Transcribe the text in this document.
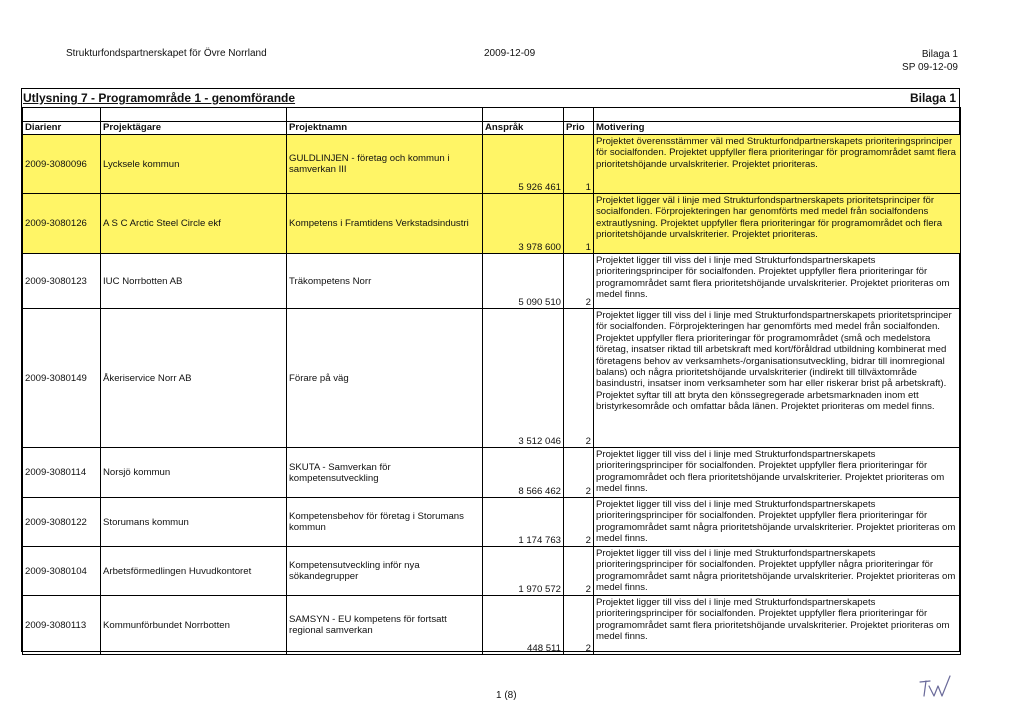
Strukturfondspartnerskapet för Övre Norrland	2009-12-09	Bilaga 1
SP 09-12-09
Utlysning 7 - Programområde 1 - genomförande	Bilaga 1

Diarienr	Projektägare	Projektnamn	Anspråk	Prio	Motivering
2009-3080096	Lycksele kommun	GULDLINJEN - företag och kommun i samverkan III	5 926 461	1	Projektet överensstämmer väl med Strukturfondpartnerskapets prioriteringsprinciper för socialfonden. Projektet uppfyller flera prioriteringar för programområdet samt flera prioritetshöjande urvalskriterier. Projektet prioriteras.
2009-3080126	A S C Arctic Steel Circle ekf	Kompetens i Framtidens Verkstadsindustri	3 978 600	1	Projektet ligger väl i linje med Strukturfondspartnerskapets prioritetsprinciper för socialfonden. Förprojekteringen har genomförts med medel från socialfondens extrautlysning. Projektet uppfyller flera prioriteringar för programområdet och flera prioritetshöjande urvalskriterier. Projektet prioriteras.
2009-3080123	IUC Norrbotten AB	Träkompetens Norr	5 090 510	2	Projektet ligger till viss del i linje med Strukturfondspartnerskapets prioriteringsprinciper för socialfonden. Projektet uppfyller flera prioriteringar för programområdet samt flera prioritetshöjande urvalskriterier. Projektet prioriteras om medel finns.
2009-3080149	Åkeriservice Norr AB	Förare på väg	3 512 046	2	Projektet ligger till viss del i linje med Strukturfondspartnerskapets prioritetsprinciper för socialfonden. Förprojekteringen har genomförts med medel från socialfonden. Projektet uppfyller flera prioriteringar för programområdet (små och medelstora företag, insatser riktad till arbetskraft med kort/föråldrad utbildning kombinerat med företagens behov av verksamhets-/organisationsutveckling, bidrar till inomregional balans) och några prioritetshöjande urvalskriterier (indirekt till tillväxtområde basindustri, insatser inom verksamheter som har eller riskerar brist på arbetskraft). Projektet syftar till att bryta den könssegregerade arbetsmarknaden inom ett bristyrkesområde och omfattar båda länen. Projektet prioriteras om medel finns.
2009-3080114	Norsjö kommun	SKUTA - Samverkan för kompetensutveckling	8 566 462	2	Projektet ligger till viss del i linje med Strukturfondspartnerskapets prioriteringsprinciper för socialfonden. Projektet uppfyller flera prioriteringar för programområdet och flera prioritetshöjande urvalskriterier. Projektet prioriteras om medel finns.
2009-3080122	Storumans kommun	Kompetensbehov för företag i Storumans kommun	1 174 763	2	Projektet ligger till viss del i linje med Strukturfondspartnerskapets prioriteringsprinciper för socialfonden. Projektet uppfyller flera prioriteringar för programområdet samt några prioritetshöjande urvalskriterier. Projektet prioriteras om medel finns.
2009-3080104	Arbetsförmedlingen Huvudkontoret	Kompetensutveckling inför nya sökandegrupper	1 970 572	2	Projektet ligger till viss del i linje med Strukturfondspartnerskapets prioriteringsprinciper för socialfonden. Projektet uppfyller några prioriteringar för programområdet samt några prioritetshöjande urvalskriterier. Projektet prioriteras om medel finns.
2009-3080113	Kommunförbundet Norrbotten	SAMSYN - EU kompetens för fortsatt regional samverkan	448 511	2	Projektet ligger till viss del i linje med Strukturfondspartnerskapets prioriteringsprinciper för socialfonden. Projektet uppfyller flera prioriteringar för programområdet samt flera prioritetshöjande urvalskriterier. Projektet prioriteras om medel finns.
1 (8)
